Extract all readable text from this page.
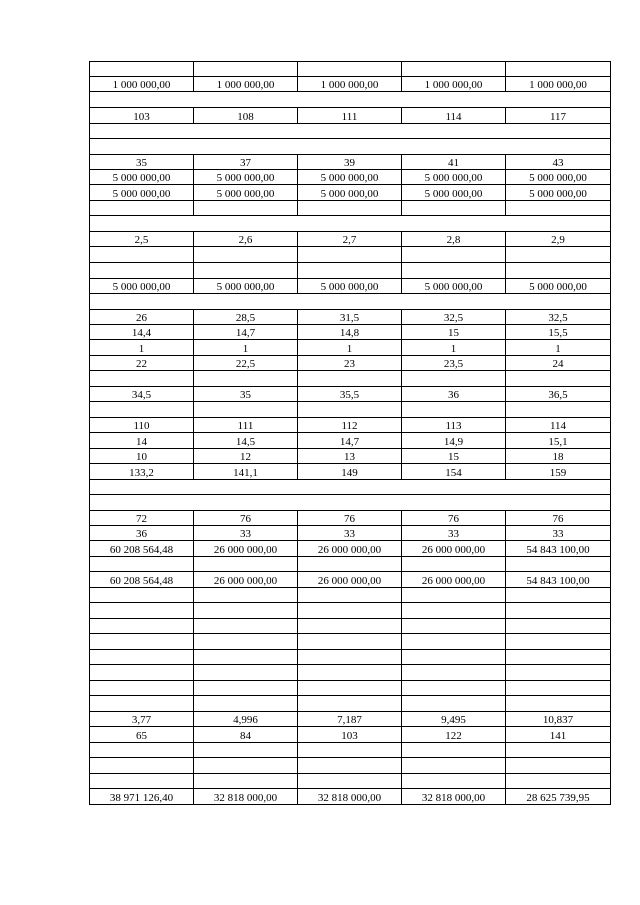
1 000 000,00	1 000 000,00	1 000 000,00	1 000 000,00	1 000 000,00

103	108	111	114	117

35	37	39	41	43
5 000 000,00	5 000 000,00	5 000 000,00	5 000 000,00	5 000 000,00
5 000 000,00	5 000 000,00	5 000 000,00	5 000 000,00	5 000 000,00

2,5	2,6	2,7	2,8	2,9

5 000 000,00	5 000 000,00	5 000 000,00	5 000 000,00	5 000 000,00

26	28,5	31,5	32,5	32,5
14,4	14,7	14,8	15	15,5
1	1	1	1	1
22	22,5	23	23,5	24

34,5	35	35,5	36	36,5

110	111	112	113	114
14	14,5	14,7	14,9	15,1
10	12	13	15	18
133,2	141,1	149	154	159

72	76	76	76	76
36	33	33	33	33
60 208 564,48	26 000 000,00	26 000 000,00	26 000 000,00	54 843 100,00

60 208 564,48	26 000 000,00	26 000 000,00	26 000 000,00	54 843 100,00

3,77	4,996	7,187	9,495	10,837
65	84	103	122	141

38 971 126,40	32 818 000,00	32 818 000,00	32 818 000,00	28 625 739,95
